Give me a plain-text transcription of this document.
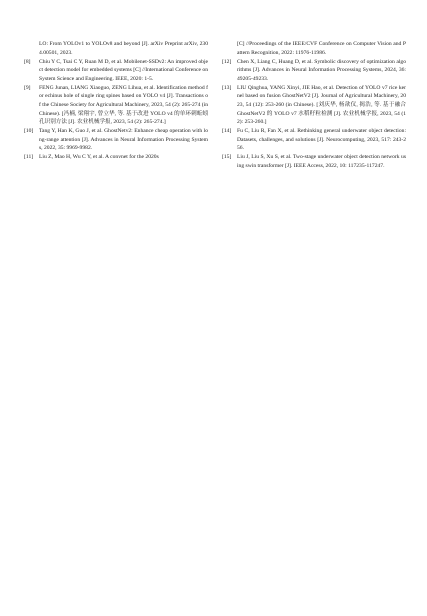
LO: From YOLOv1 to YOLOv8 and beyond [J]. arXiv Preprint arXiv, 2304.00501, 2023.
[8]	Chiu Y C, Tsai C Y, Ruan M D, et al. Mobilenet-SSDv2: An improved object detection model for embedded systems [C] //International Conference on System Science and Engineering. IEEE, 2020: 1-5.
[9]	FENG Junan, LIANG Xiaoguo, ZENG Lihua, et al. Identification method for echinus hole of single ring spines based on YOLO v4 [J]. Transactions of the Chinese Society for Agricultural Machinery, 2023, 54 (2): 265-274 (in Chinese). [冯楠, 梁翔宇, 曾立华, 等. 基于改进 YOLO v4 的单环刺蚯蚓孔识别方法 [J]. 农业机械学报, 2023, 54 (2): 265-274.]
[10]	Tang Y, Han K, Guo J, et al. GhostNetv2: Enhance cheap operation with long-range attention [J]. Advances in Neural Information Processing Systems, 2022, 35: 9969-9982.
[11]	Liu Z, Mao H, Wu C Y, et al. A convnet for the 2020s
[C] //Proceedings of the IEEE/CVF Conference on Computer Vision and Pattern Recognition, 2022: 11976-11986.
[12]	Chen X, Liang C, Huang D, et al. Symbolic discovery of optimization algorithms [J]. Advances in Neural Information Processing Systems, 2024, 36: 49205-49233.
[13]	LIU Qinghua, YANG Xinyi, JIE Hao, et al. Detection of YOLO v7 rice kernel based on fusion GhostNetV2 [J]. Journal of Agricultural Machinery, 2023, 54 (12): 253-260 (in Chinese). [刘庆华, 杨歆仪, 揭浩, 等. 基于融合 GhostNetV2 的 YOLO v7 水稻籽粒检测 [J]. 农业机械学报, 2023, 54 (12): 253-260.]
[14]	Fu C, Liu R, Fan X, et al. Rethinking general underwater object detection: Datasets, challenges, and solutions [J]. Neurocomputing, 2023, 517: 243-256.
[15]	Liu J, Liu S, Xu S, et al. Two-stage underwater object detection network using swin transformer [J]. IEEE Access, 2022, 10: 117235-117247.
